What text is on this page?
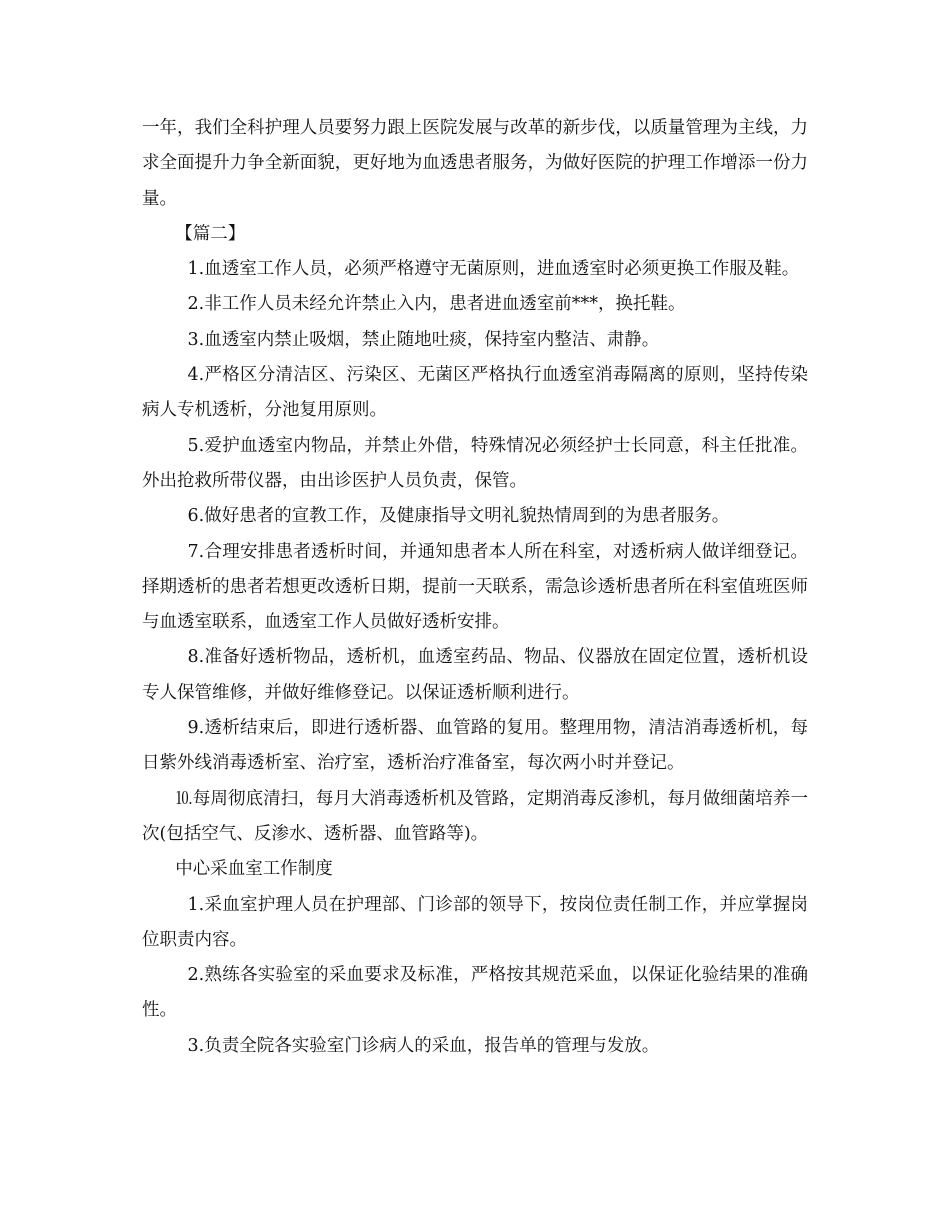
一年，我们全科护理人员要努力跟上医院发展与改革的新步伐，以质量管理为主线，力求全面提升力争全新面貌，更好地为血透患者服务，为做好医院的护理工作增添一份力量。

【篇二】

1.血透室工作人员，必须严格遵守无菌原则，进血透室时必须更换工作服及鞋。

2.非工作人员未经允许禁止入内，患者进血透室前***，换托鞋。

3.血透室内禁止吸烟，禁止随地吐痰，保持室内整洁、肃静。

4.严格区分清洁区、污染区、无菌区严格执行血透室消毒隔离的原则，坚持传染病人专机透析，分池复用原则。

5.爱护血透室内物品，并禁止外借，特殊情况必须经护士长同意，科主任批准。外出抢救所带仪器，由出诊医护人员负责，保管。

6.做好患者的宣教工作，及健康指导文明礼貌热情周到的为患者服务。

7.合理安排患者透析时间，并通知患者本人所在科室，对透析病人做详细登记。择期透析的患者若想更改透析日期，提前一天联系，需急诊透析患者所在科室值班医师与血透室联系，血透室工作人员做好透析安排。

8.准备好透析物品，透析机，血透室药品、物品、仪器放在固定位置，透析机设专人保管维修，并做好维修登记。以保证透析顺利进行。

9.透析结束后，即进行透析器、血管路的复用。整理用物，清洁消毒透析机，每日紫外线消毒透析室、治疗室，透析治疗准备室，每次两小时并登记。

⒑每周彻底清扫，每月大消毒透析机及管路，定期消毒反渗机，每月做细菌培养一次(包括空气、反渗水、透析器、血管路等)。

中心采血室工作制度

1.采血室护理人员在护理部、门诊部的领导下，按岗位责任制工作，并应掌握岗位职责内容。

2.熟练各实验室的采血要求及标准，严格按其规范采血，以保证化验结果的准确性。

3.负责全院各实验室门诊病人的采血，报告单的管理与发放。
